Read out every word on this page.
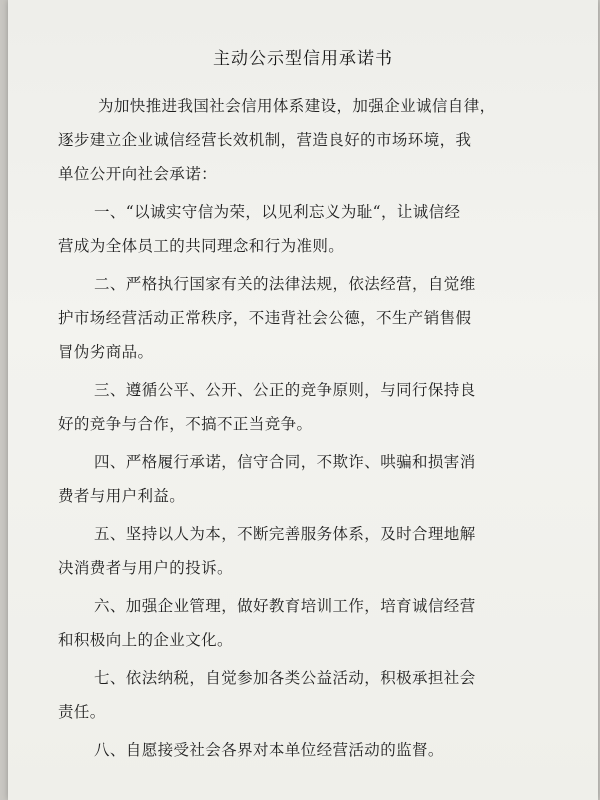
主动公示型信用承诺书
为加快推进我国社会信用体系建设，加强企业诚信自律，
逐步建立企业诚信经营长效机制，营造良好的市场环境，我
单位公开向社会承诺：
一、“以诚实守信为荣，以见利忘义为耻“，让诚信经
营成为全体员工的共同理念和行为准则。
二、严格执行国家有关的法律法规，依法经营，自觉维
护市场经营活动正常秩序，不违背社会公德，不生产销售假
冒伪劣商品。
三、遵循公平、公开、公正的竞争原则，与同行保持良
好的竞争与合作，不搞不正当竞争。
四、严格履行承诺，信守合同，不欺诈、哄骗和损害消
费者与用户利益。
五、坚持以人为本，不断完善服务体系，及时合理地解
决消费者与用户的投诉。
六、加强企业管理，做好教育培训工作，培育诚信经营
和积极向上的企业文化。
七、依法纳税，自觉参加各类公益活动，积极承担社会
责任。
八、自愿接受社会各界对本单位经营活动的监督。
